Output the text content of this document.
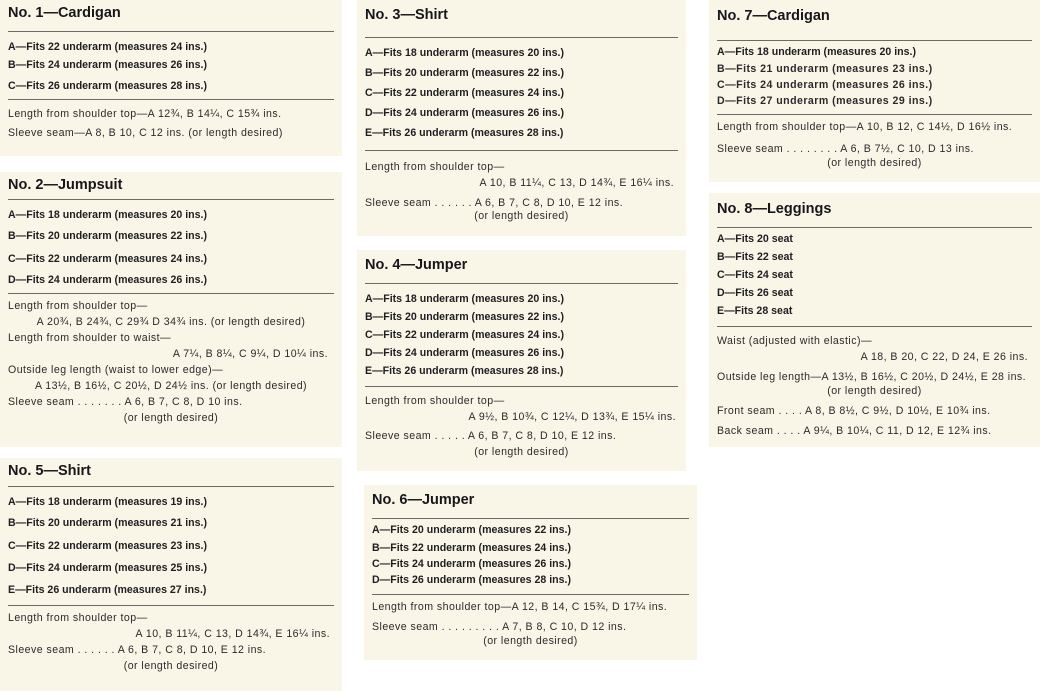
No. 1—Cardigan
A—Fits 22 underarm (measures 24 ins.)
B—Fits 24 underarm (measures 26 ins.)
C—Fits 26 underarm (measures 28 ins.)
Length from shoulder top—A 12¾, B 14¼, C 15¾ ins.
Sleeve seam—A 8, B 10, C 12 ins. (or length desired)
No. 2—Jumpsuit
A—Fits 18 underarm (measures 20 ins.)
B—Fits 20 underarm (measures 22 ins.)
C—Fits 22 underarm (measures 24 ins.)
D—Fits 24 underarm (measures 26 ins.)
Length from shoulder top—
A 20¾, B 24¾, C 29¾ D 34¾ ins. (or length desired)
Length from shoulder to waist—
A 7¼, B 8¼, C 9¼, D 10¼ ins.
Outside leg length (waist to lower edge)—
A 13½, B 16½, C 20½, D 24½ ins. (or length desired)
Sleeve seam . . . . . . . A 6, B 7, C 8, D 10 ins.
(or length desired)
No. 5—Shirt
A—Fits 18 underarm (measures 19 ins.)
B—Fits 20 underarm (measures 21 ins.)
C—Fits 22 underarm (measures 23 ins.)
D—Fits 24 underarm (measures 25 ins.)
E—Fits 26 underarm (measures 27 ins.)
Length from shoulder top—
A 10, B 11¼, C 13, D 14¾, E 16¼ ins.
Sleeve seam . . . . . . A 6, B 7, C 8, D 10, E 12 ins.
(or length desired)
No. 3—Shirt
A—Fits 18 underarm (measures 20 ins.)
B—Fits 20 underarm (measures 22 ins.)
C—Fits 22 underarm (measures 24 ins.)
D—Fits 24 underarm (measures 26 ins.)
E—Fits 26 underarm (measures 28 ins.)
Length from shoulder top—
A 10, B 11¼, C 13, D 14¾, E 16¼ ins.
Sleeve seam . . . . . . A 6, B 7, C 8, D 10, E 12 ins.
(or length desired)
No. 4—Jumper
A—Fits 18 underarm (measures 20 ins.)
B—Fits 20 underarm (measures 22 ins.)
C—Fits 22 underarm (measures 24 ins.)
D—Fits 24 underarm (measures 26 ins.)
E—Fits 26 underarm (measures 28 ins.)
Length from shoulder top—
A 9½, B 10¾, C 12¼, D 13¾, E 15¼ ins.
Sleeve seam . . . . . A 6, B 7, C 8, D 10, E 12 ins.
(or length desired)
No. 6—Jumper
A—Fits 20 underarm (measures 22 ins.)
B—Fits 22 underarm (measures 24 ins.)
C—Fits 24 underarm (measures 26 ins.)
D—Fits 26 underarm (measures 28 ins.)
Length from shoulder top—A 12, B 14, C 15¾, D 17¼ ins.
Sleeve seam . . . . . . . . . A 7, B 8, C 10, D 12 ins.
(or length desired)
No. 7—Cardigan
A—Fits 18 underarm (measures 20 ins.)
B—Fits 21 underarm (measures 23 ins.)
C—Fits 24 underarm (measures 26 ins.)
D—Fits 27 underarm (measures 29 ins.)
Length from shoulder top—A 10, B 12, C 14½, D 16½ ins.
Sleeve seam . . . . . . . . A 6, B 7½, C 10, D 13 ins.
(or length desired)
No. 8—Leggings
A—Fits 20 seat
B—Fits 22 seat
C—Fits 24 seat
D—Fits 26 seat
E—Fits 28 seat
Waist (adjusted with elastic)—
A 18, B 20, C 22, D 24, E 26 ins.
Outside leg length—A 13½, B 16½, C 20½, D 24½, E 28 ins.
(or length desired)
Front seam . . . . A 8, B 8½, C 9½, D 10½, E 10¾ ins.
Back seam . . . . A 9¼, B 10¼, C 11, D 12, E 12¾ ins.
